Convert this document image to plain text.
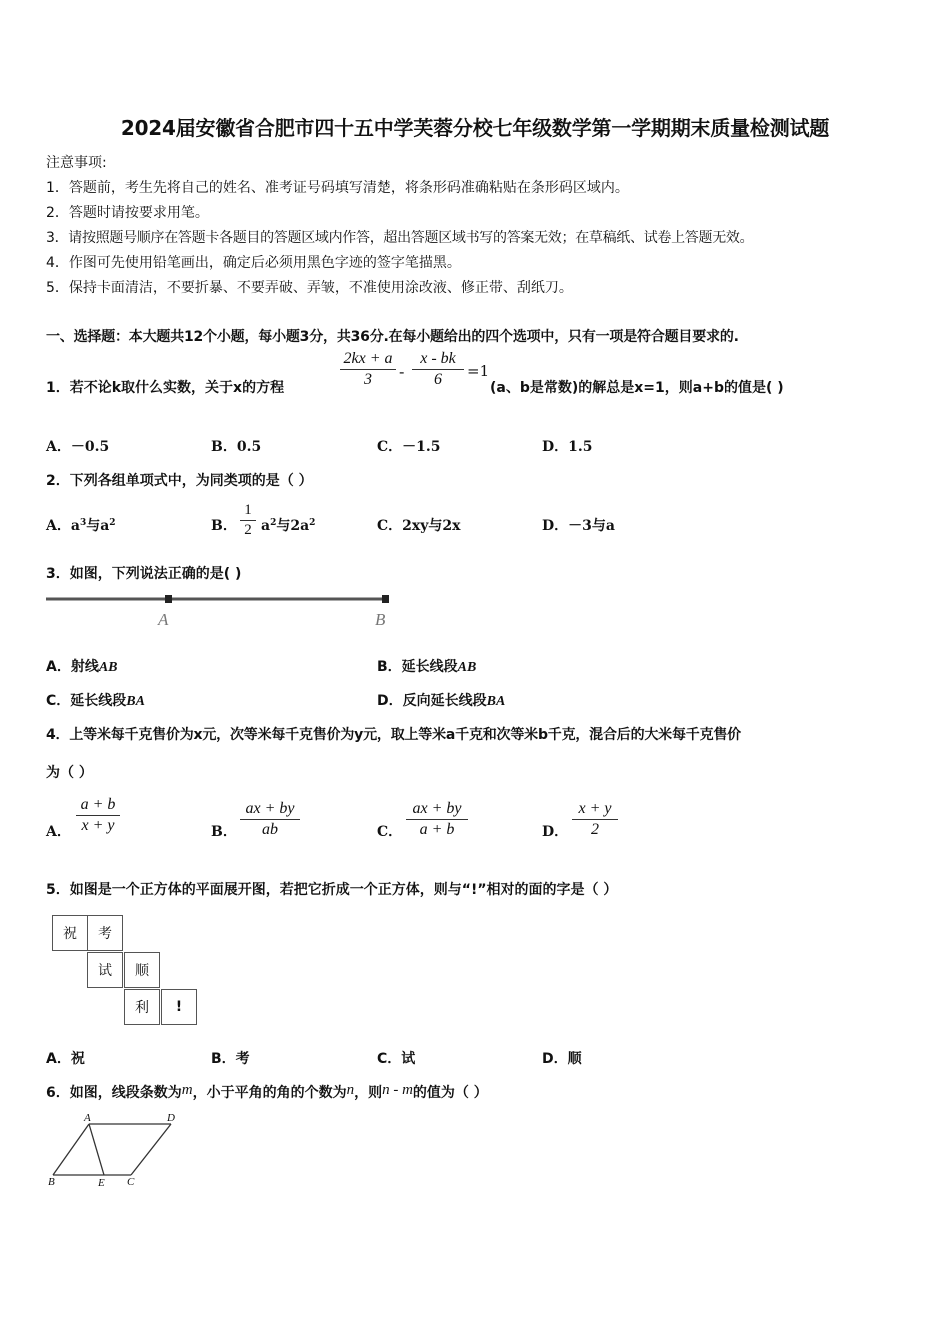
2024届安徽省合肥市四十五中学芙蓉分校七年级数学第一学期期末质量检测试题
注意事项:
1．答题前，考生先将自己的姓名、准考证号码填写清楚，将条形码准确粘贴在条形码区域内。
2．答题时请按要求用笔。
3．请按照题号顺序在答题卡各题目的答题区域内作答，超出答题区域书写的答案无效；在草稿纸、试卷上答题无效。
4．作图可先使用铅笔画出，确定后必须用黑色字迹的签字笔描黑。
5．保持卡面清洁，不要折暴、不要弄破、弄皱，不准使用涂改液、修正带、刮纸刀。
一、选择题：本大题共12个小题，每小题3分，共36分.在每小题给出的四个选项中，只有一项是符合题目要求的.
1．若不论k取什么实数，关于x的方程
2kx + a
3	-
x - bk
6	=1
(a、b是常数)的解总是x=1，则a+b的值是( )
A．－0.5	B．0.5	C．－1.5	D．1.5
2．下列各组单项式中，为同类项的是（ ）
A．$a^3$与$a^2$	B．
1
2 $a^2$与$2a^2$	C．2xy与2x	D．－3与a
3．如图，下列说法正确的是( )
A	B
A．射线AB	B．延长线段AB
C．延长线段BA	D．反向延长线段BA
4．上等米每千克售价为x元，次等米每千克售价为y元，取上等米a千克和次等米b千克，混合后的大米每千克售价
为（ ）
A．
a + b
x + y	B．
ax + by
ab	C．
ax + by
a + b	D．
x + y
2
5．如图是一个正方体的平面展开图，若把它折成一个正方体，则与“!”相对的面的字是（ ）
祝	考
试	顺
利	!
A．祝	B．考	C．试	D．顺
6．如图，线段条数为m，小于平角的角的个数为n，则n - m的值为（ ）
A	D
B	E C
